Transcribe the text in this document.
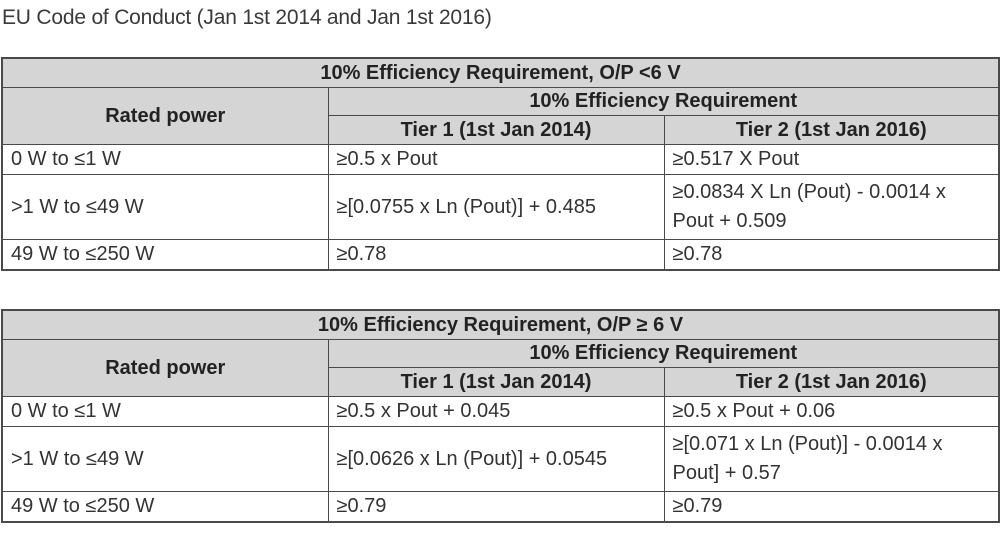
EU Code of Conduct (Jan 1st 2014 and Jan 1st 2016)
10% Efficiency Requirement, O/P <6 V		
Rated power	10% Efficiency Requirement	
	Tier 1 (1st Jan 2014)	Tier 2 (1st Jan 2016)
0 W to ≤1 W	≥0.5 x Pout	≥0.517 X Pout
>1 W to ≤49 W	≥[0.0755 x Ln (Pout)] + 0.485	≥0.0834 X Ln (Pout) - 0.0014 x Pout + 0.509
49 W to ≤250 W	≥0.78	≥0.78
10% Efficiency Requirement, O/P ≥ 6 V		
Rated power	10% Efficiency Requirement	
	Tier 1 (1st Jan 2014)	Tier 2 (1st Jan 2016)
0 W to ≤1 W	≥0.5 x Pout + 0.045	≥0.5 x Pout + 0.06
>1 W to ≤49 W	≥[0.0626 x Ln (Pout)] + 0.0545	≥[0.071 x Ln (Pout)] - 0.0014 x Pout] + 0.57
49 W to ≤250 W	≥0.79	≥0.79
